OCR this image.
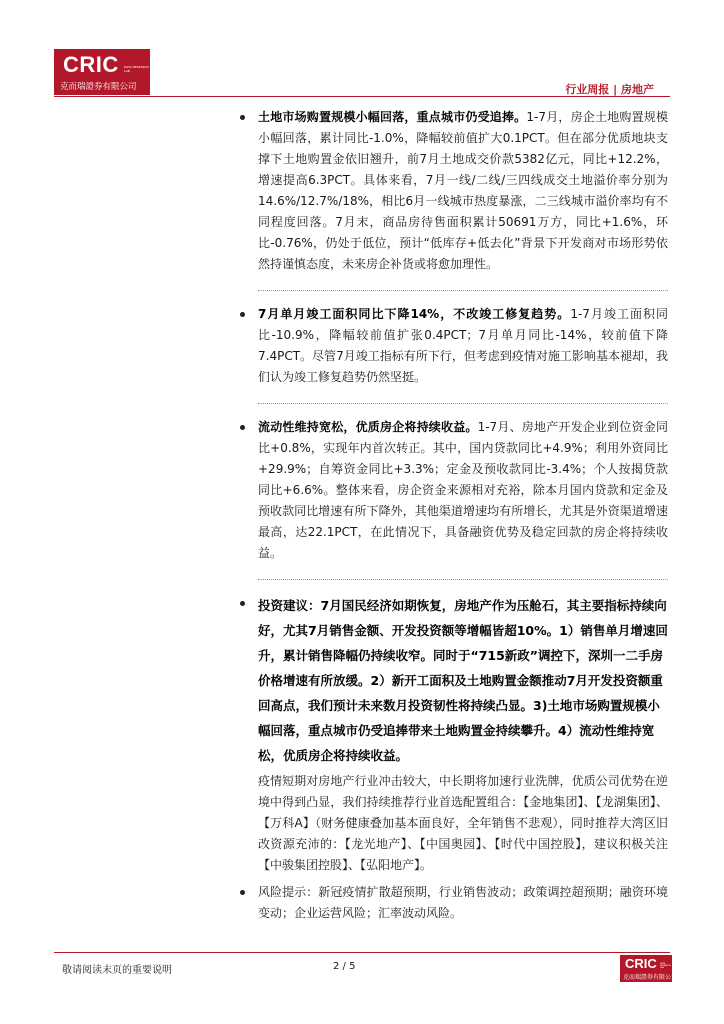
CRIC DATA RESEARCH LAB
克而瑞證券有限公司	行业周报 | 房地产

土地市场购置规模小幅回落，重点城市仍受追捧。1-7月，房企土地购置规模小幅回落，累计同比-1.0%，降幅较前值扩大0.1PCT。但在部分优质地块支撑下土地购置金依旧翘升，前7月土地成交价款5382亿元，同比+12.2%，增速提高6.3PCT。具体来看，7月一线/二线/三四线成交土地溢价率分别为14.6%/12.7%/18%，相比6月一线城市热度暴涨，二三线城市溢价率均有不同程度回落。7月末，商品房待售面积累计50691万方，同比+1.6%，环比-0.76%，仍处于低位，预计“低库存+低去化”背景下开发商对市场形势依然持谨慎态度，未来房企补货或将愈加理性。

7月单月竣工面积同比下降14%，不改竣工修复趋势。1-7月竣工面积同比-10.9%，降幅较前值扩张0.4PCT；7月单月同比-14%，较前值下降7.4PCT。尽管7月竣工指标有所下行，但考虑到疫情对施工影响基本褪却，我们认为竣工修复趋势仍然坚挺。

流动性维持宽松，优质房企将持续收益。1-7月、房地产开发企业到位资金同比+0.8%，实现年内首次转正。其中，国内贷款同比+4.9%；利用外资同比+29.9%；自筹资金同比+3.3%；定金及预收款同比-3.4%；个人按揭贷款同比+6.6%。整体来看，房企资金来源相对充裕，除本月国内贷款和定金及预收款同比增速有所下降外，其他渠道增速均有所增长，尤其是外资渠道增速最高，达22.1PCT，在此情况下，具备融资优势及稳定回款的房企将持续收益。

投资建议：7月国民经济如期恢复，房地产作为压舱石，其主要指标持续向好，尤其7月销售金额、开发投资额等增幅皆超10%。1）销售单月增速回升，累计销售降幅仍持续收窄。同时于“715新政”调控下，深圳一二手房价格增速有所放缓。2）新开工面积及土地购置金额推动7月开发投资额重回高点，我们预计未来数月投资韧性将持续凸显。3)土地市场购置规模小幅回落，重点城市仍受追捧带来土地购置金持续攀升。4）流动性维持宽松，优质房企将持续收益。
疫情短期对房地产行业冲击较大，中长期将加速行业洗牌，优质公司优势在逆境中得到凸显，我们持续推荐行业首选配置组合：【金地集团】、【龙湖集团】、【万科A】（财务健康叠加基本面良好，全年销售不悲观），同时推荐大湾区旧改资源充沛的：【龙光地产】、【中国奥园】、【时代中国控股】，建议积极关注【中骏集团控股】、【弘阳地产】。

风险提示：新冠疫情扩散超预期，行业销售波动；政策调控超预期；融资环境变动；企业运营风险；汇率波动风险。

敬请阅读末页的重要说明	2 / 5	CRIC DATA RESEARCH LAB
克而瑞證券有限公司
